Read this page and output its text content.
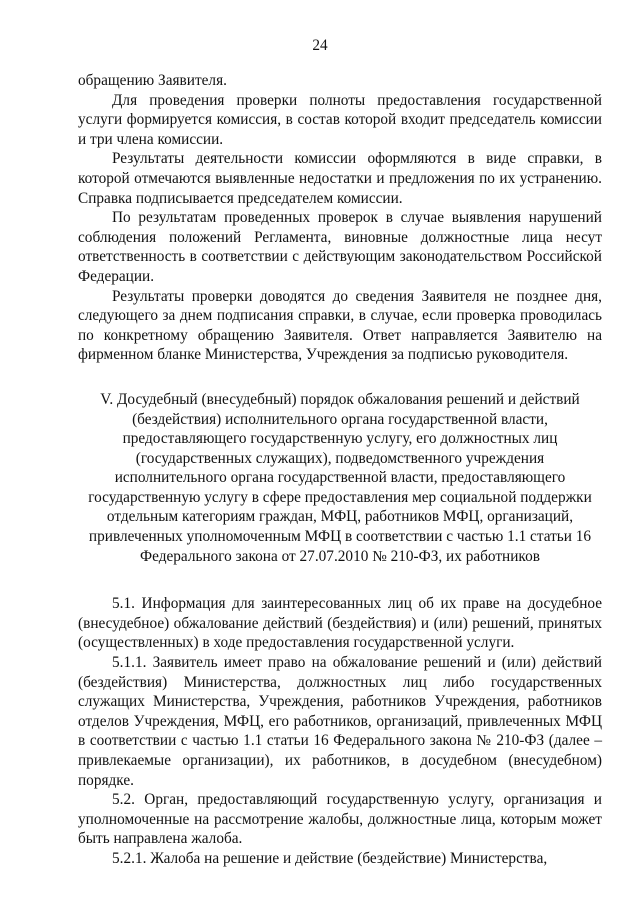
24

обращению Заявителя.

Для проведения проверки полноты предоставления государственной услуги формируется комиссия, в состав которой входит председатель комиссии и три члена комиссии.

Результаты деятельности комиссии оформляются в виде справки, в которой отмечаются выявленные недостатки и предложения по их устранению. Справка подписывается председателем комиссии.

По результатам проведенных проверок в случае выявления нарушений соблюдения положений Регламента, виновные должностные лица несут ответственность в соответствии с действующим законодательством Российской Федерации.

Результаты проверки доводятся до сведения Заявителя не позднее дня, следующего за днем подписания справки, в случае, если проверка проводилась по конкретному обращению Заявителя. Ответ направляется Заявителю на фирменном бланке Министерства, Учреждения за подписью руководителя.

V. Досудебный (внесудебный) порядок обжалования решений и действий (бездействия) исполнительного органа государственной власти, предоставляющего государственную услугу, его должностных лиц (государственных служащих), подведомственного учреждения исполнительного органа государственной власти, предоставляющего государственную услугу в сфере предоставления мер социальной поддержки отдельным категориям граждан, МФЦ, работников МФЦ, организаций, привлеченных уполномоченным МФЦ в соответствии с частью 1.1 статьи 16 Федерального закона от 27.07.2010 № 210-ФЗ, их работников

5.1. Информация для заинтересованных лиц об их праве на досудебное (внесудебное) обжалование действий (бездействия) и (или) решений, принятых (осуществленных) в ходе предоставления государственной услуги.

5.1.1. Заявитель имеет право на обжалование решений и (или) действий (бездействия) Министерства, должностных лиц либо государственных служащих Министерства, Учреждения, работников Учреждения, работников отделов Учреждения, МФЦ, его работников, организаций, привлеченных МФЦ в соответствии с частью 1.1 статьи 16 Федерального закона № 210-ФЗ (далее – привлекаемые организации), их работников, в досудебном (внесудебном) порядке.

5.2. Орган, предоставляющий государственную услугу, организация и уполномоченные на рассмотрение жалобы, должностные лица, которым может быть направлена жалоба.

5.2.1. Жалоба на решение и действие (бездействие) Министерства,
